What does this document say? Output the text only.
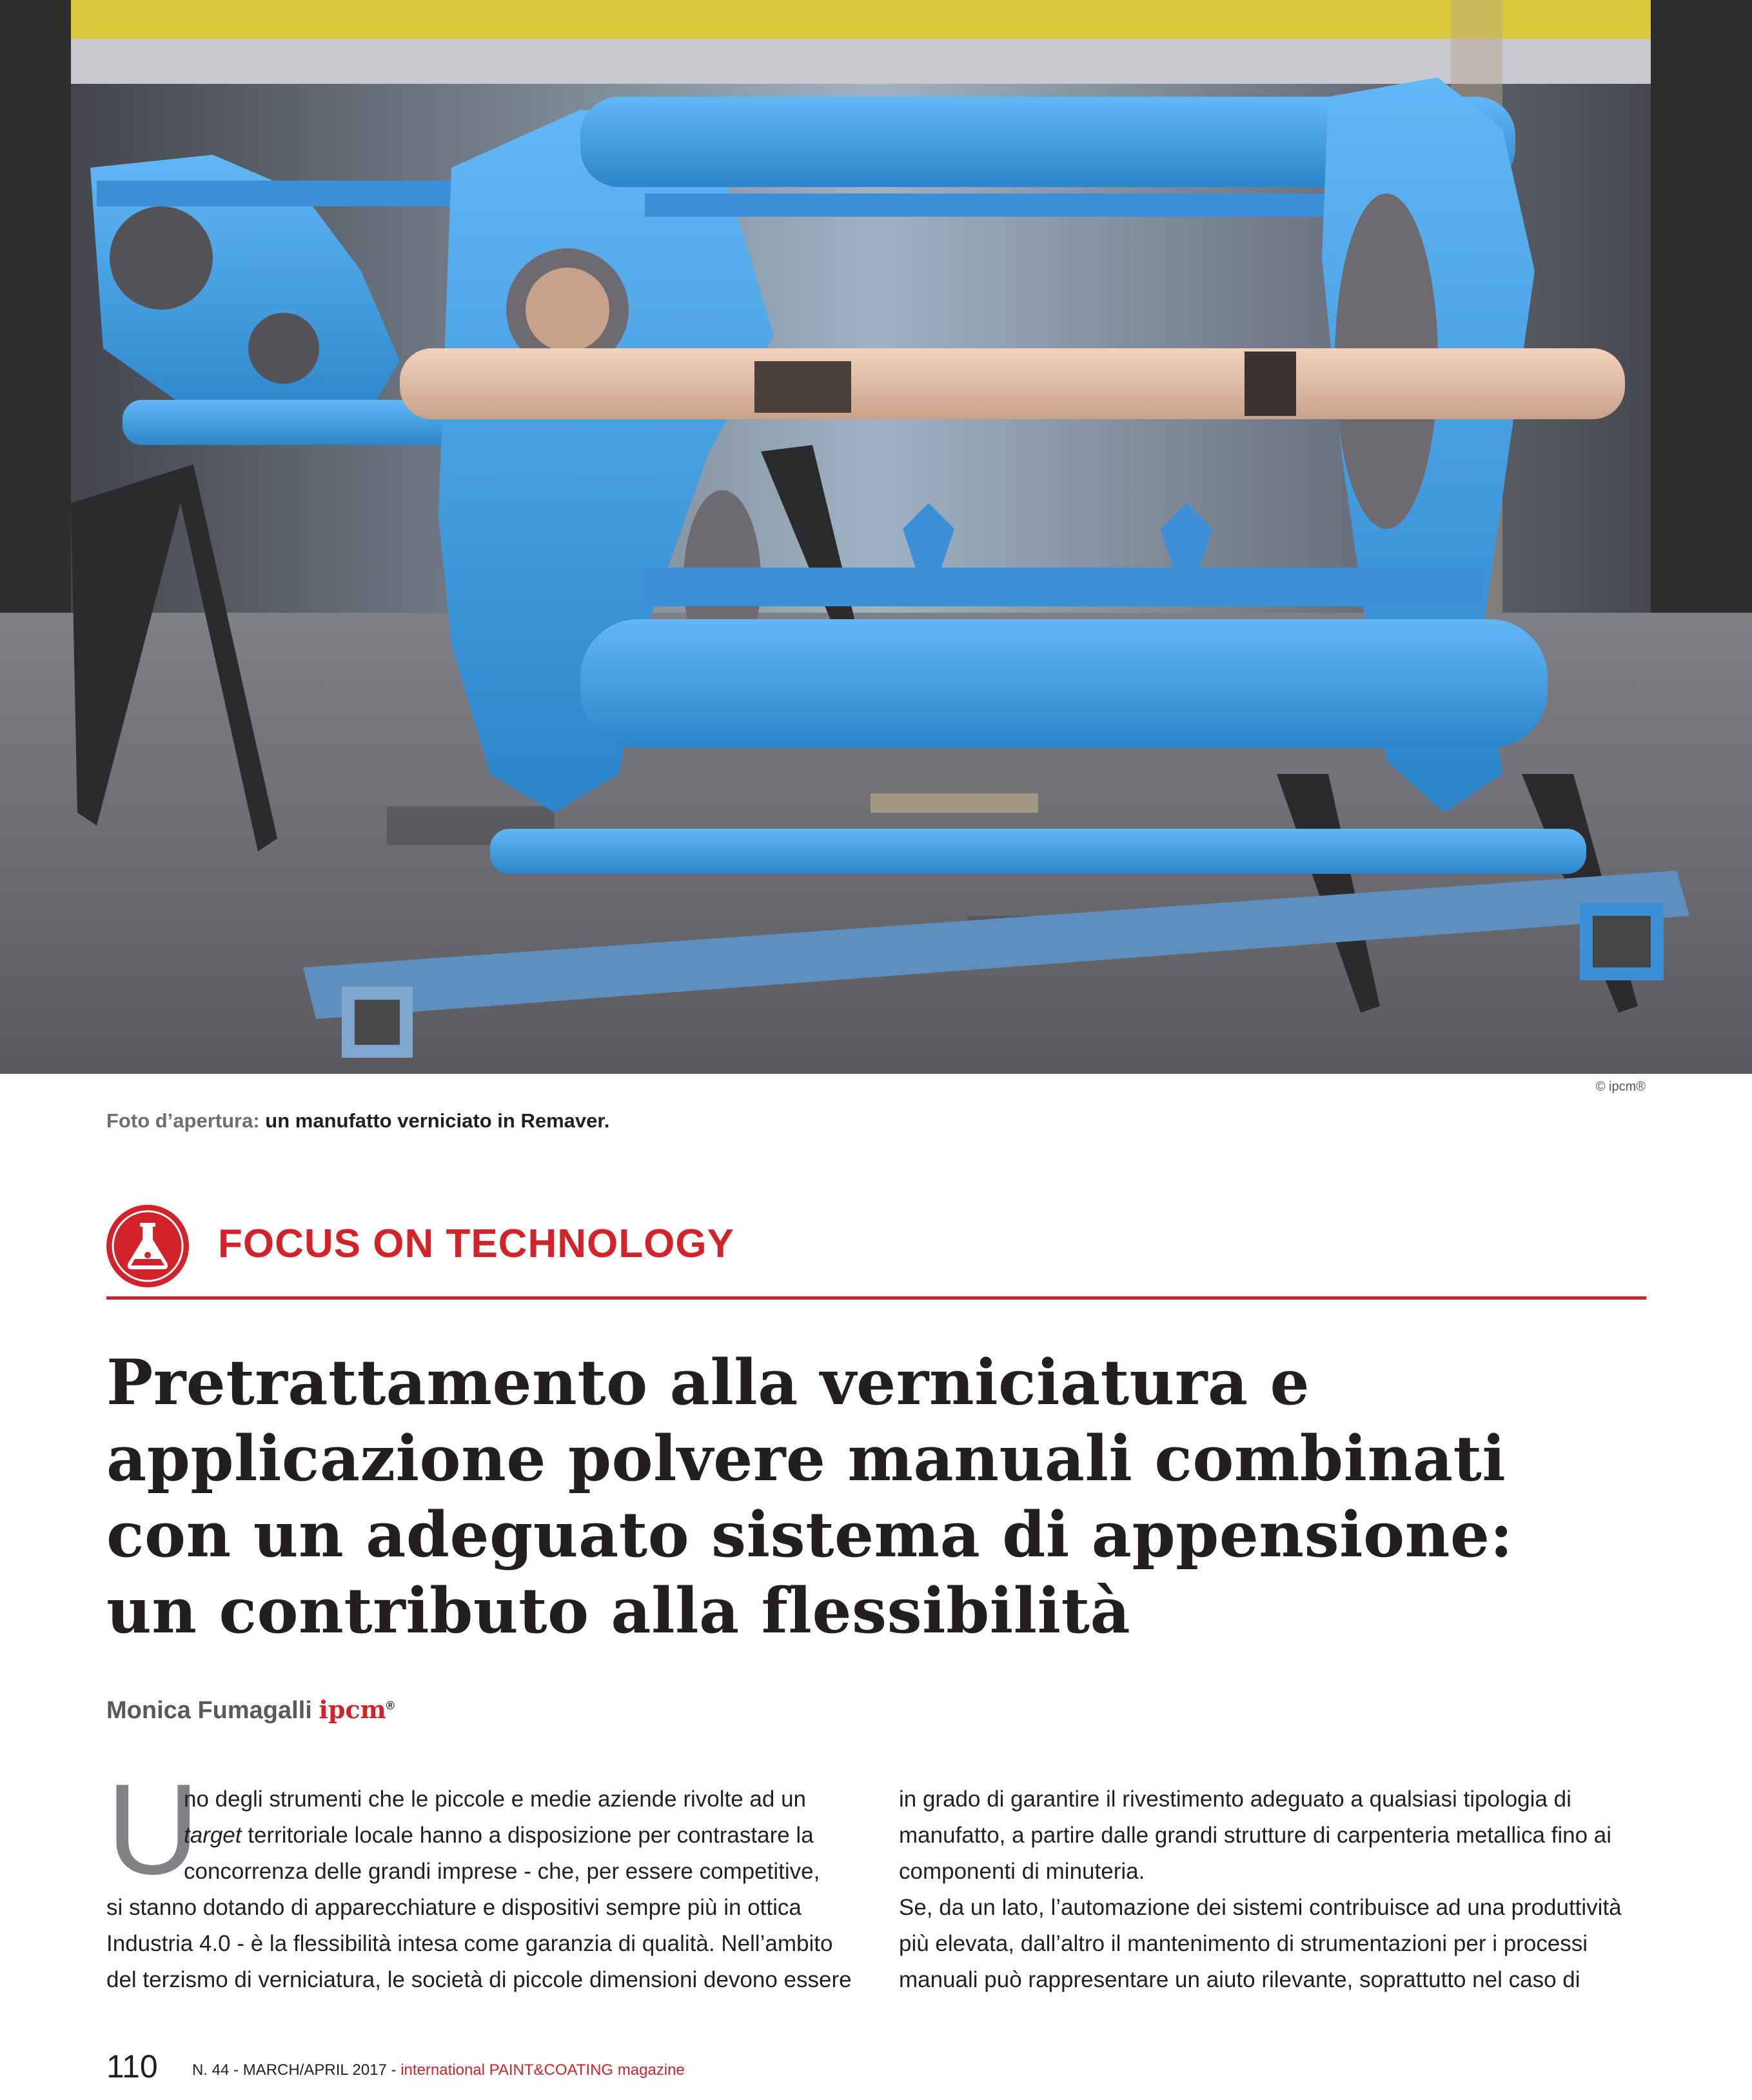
© ipcm®
Foto d’apertura: un manufatto verniciato in Remaver.
FOCUS ON TECHNOLOGY
Pretrattamento alla verniciatura e
applicazione polvere manuali combinati
con un adeguato sistema di appensione:
un contributo alla flessibilità
Monica Fumagalli ipcm®
U
no degli strumenti che le piccole e medie aziende rivolte ad un
target territoriale locale hanno a disposizione per contrastare la
concorrenza delle grandi imprese - che, per essere competitive,
si stanno dotando di apparecchiature e dispositivi sempre più in ottica
Industria 4.0 - è la flessibilità intesa come garanzia di qualità. Nell’ambito
del terzismo di verniciatura, le società di piccole dimensioni devono essere
in grado di garantire il rivestimento adeguato a qualsiasi tipologia di
manufatto, a partire dalle grandi strutture di carpenteria metallica fino ai
componenti di minuteria.
Se, da un lato, l’automazione dei sistemi contribuisce ad una produttività
più elevata, dall’altro il mantenimento di strumentazioni per i processi
manuali può rappresentare un aiuto rilevante, soprattutto nel caso di
110 N. 44 - MARCH/APRIL 2017 - international PAINT&COATING magazine
